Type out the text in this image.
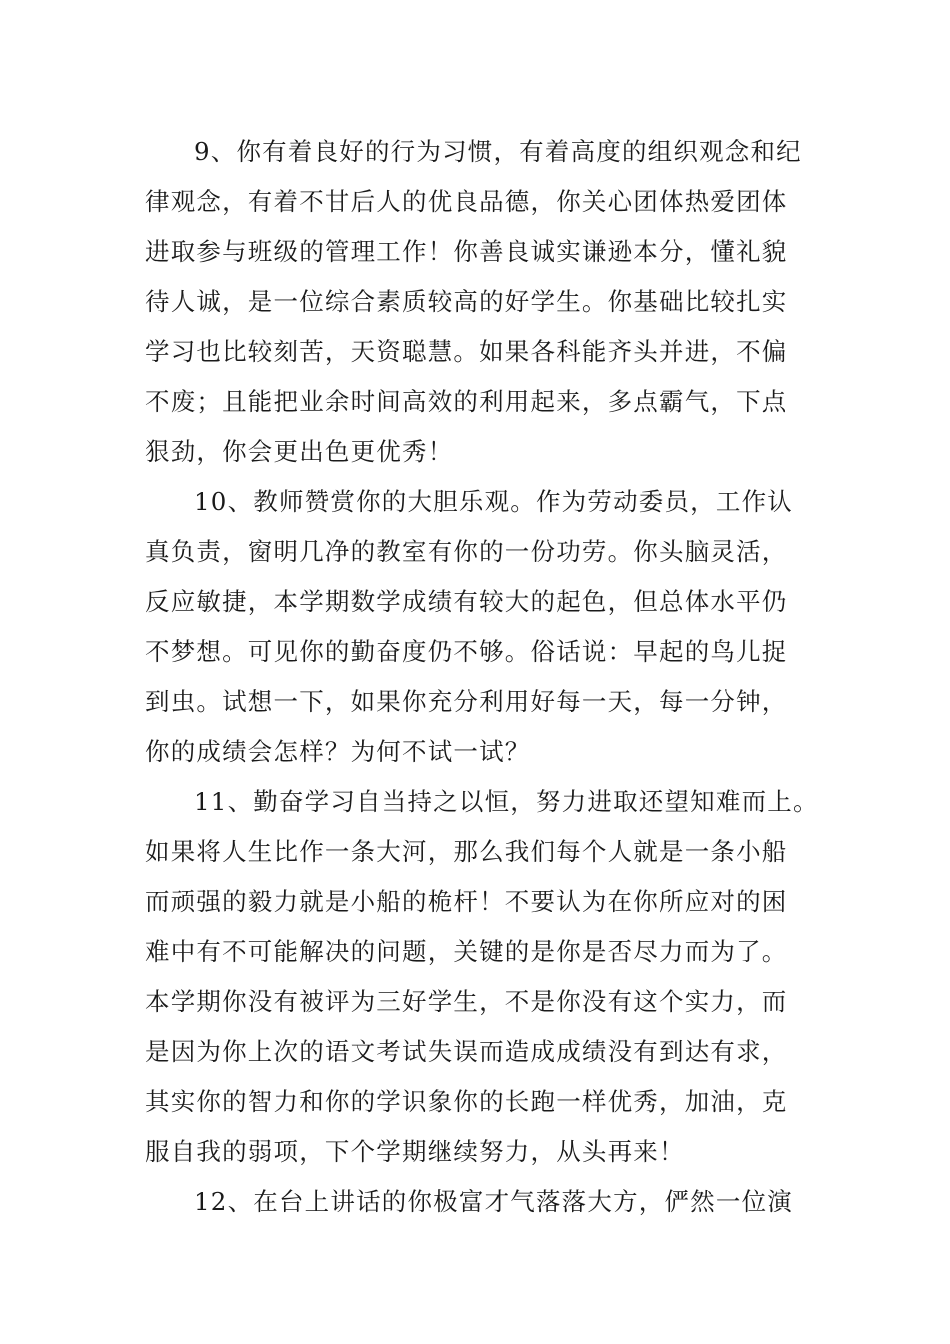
9、你有着良好的行为习惯，有着高度的组织观念和纪
律观念，有着不甘后人的优良品德，你关心团体热爱团体
进取参与班级的管理工作！你善良诚实谦逊本分，懂礼貌
待人诚，是一位综合素质较高的好学生。你基础比较扎实
学习也比较刻苦，天资聪慧。如果各科能齐头并进，不偏
不废；且能把业余时间高效的利用起来，多点霸气，下点
狠劲，你会更出色更优秀！
10、教师赞赏你的大胆乐观。作为劳动委员，工作认
真负责，窗明几净的教室有你的一份功劳。你头脑灵活，
反应敏捷，本学期数学成绩有较大的起色，但总体水平仍
不梦想。可见你的勤奋度仍不够。俗话说：早起的鸟儿捉
到虫。试想一下，如果你充分利用好每一天，每一分钟，
你的成绩会怎样？为何不试一试？
11、勤奋学习自当持之以恒，努力进取还望知难而上。
如果将人生比作一条大河，那么我们每个人就是一条小船
而顽强的毅力就是小船的桅杆！不要认为在你所应对的困
难中有不可能解决的问题，关键的是你是否尽力而为了。
本学期你没有被评为三好学生，不是你没有这个实力，而
是因为你上次的语文考试失误而造成成绩没有到达有求，
其实你的智力和你的学识象你的长跑一样优秀，加油，克
服自我的弱项，下个学期继续努力，从头再来！
12、在台上讲话的你极富才气落落大方，俨然一位演
